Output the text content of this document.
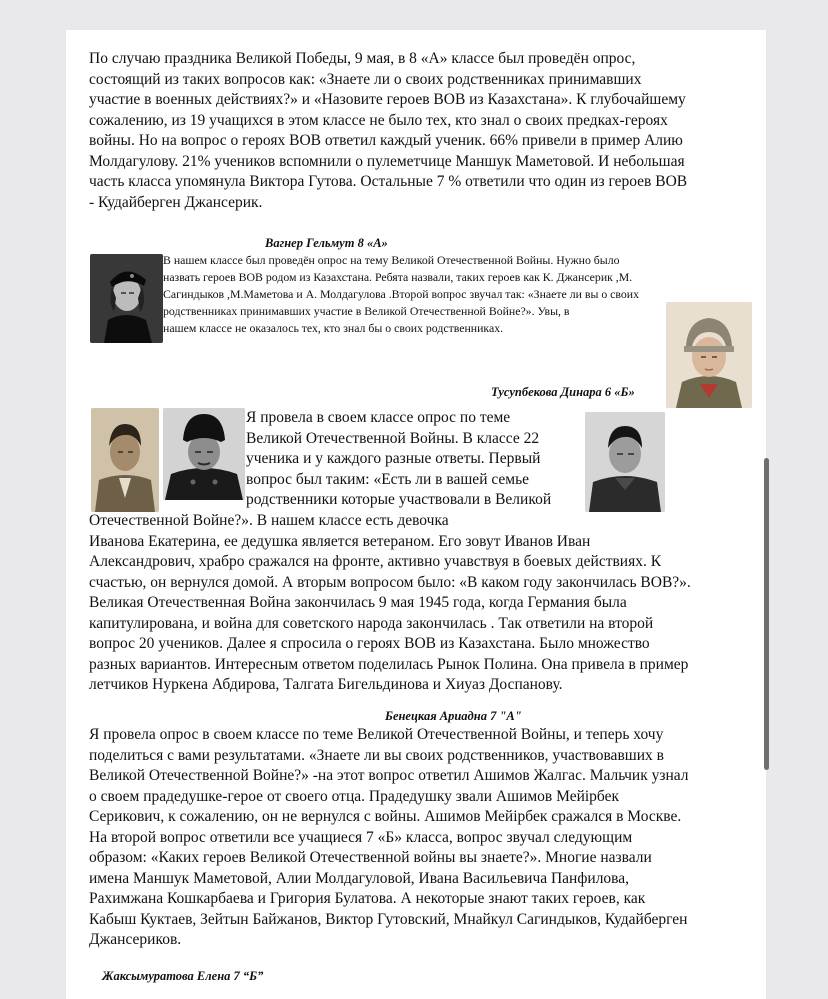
По случаю праздника Великой Победы, 9 мая, в 8 «А» классе был проведён опрос,
состоящий из таких вопросов как: «Знаете ли о своих родственниках принимавших
участие в военных действиях?» и «Назовите героев ВОВ из Казахстана». К глубочайшему
сожалению, из 19 учащихся в этом классе не было тех, кто знал о своих предках-героях
войны. Но на вопрос о героях ВОВ ответил каждый ученик. 66% привели в пример Алию
Молдагулову. 21% учеников вспомнили о пулеметчице Маншук Маметовой. И небольшая
часть класса упомянула Виктора Гутова. Остальные 7 % ответили что один из героев ВОВ
- Кудайберген Джансерик.

Вагнер Гельмут 8 «А»

В нашем классе был проведён опрос на тему Великой Отечественной Войны. Нужно было
назвать героев ВОВ родом из Казахстана. Ребята назвали, таких героев как К. Джансерик ,М.
Сагиндыков ,М.Маметова и А. Молдагулова .Второй вопрос звучал так: «Знаете ли вы о своих
родственниках принимавших участие в Великой Отечественной Войне?». Увы, в
нашем классе не оказалось тех, кто знал бы о своих родственниках.

Тусупбекова Динара 6 «Б»

Я провела в своем классе опрос по теме
Великой Отечественной Войны. В классе 22
ученика и у каждого разные ответы. Первый
вопрос был таким: «Есть ли в вашей семье
родственники которые участвовали в Великой

Отечественной Войне?». В нашем классе есть девочка
Иванова Екатерина, ее дедушка является ветераном. Его зовут Иванов Иван
Александрович, храбро сражался на фронте, активно учавствуя в боевых действиях. К
счастью, он вернулся домой. А вторым вопросом было: «В каком году закончилась ВОВ?».
Великая Отечественная Война закончилась 9 мая 1945 года, когда Германия была
капитулирована, и война для советского народа закончилась . Так ответили на второй
вопрос 20 учеников. Далее я спросила о героях ВОВ из Казахстана. Было множество
разных вариантов. Интересным ответом поделилась Рынок Полина. Она привела в пример
летчиков Нуркена Абдирова, Талгата Бигельдинова и Хиуаз Доспанову.

Бенецкая Ариадна 7 "А"

Я провела опрос в своем классе по теме Великой Отечественной Войны, и теперь хочу
поделиться с вами результатами. «Знаете ли вы своих родственников, участвовавших в
Великой Отечественной Войне?» -на этот вопрос ответил Ашимов Жалгас. Мальчик узнал
о своем прадедушке-герое от своего отца. Прадедушку звали Ашимов Мейірбек
Серикович, к сожалению, он не вернулся с войны. Ашимов Мейірбек сражался в Москве.
На второй вопрос ответили все учащиеся 7 «Б» класса, вопрос звучал следующим
образом: «Каких героев Великой Отечественной войны вы знаете?». Многие назвали
имена Маншук Маметовой, Алии Молдагуловой, Ивана Васильевича Панфилова,
Рахимжана Кошкарбаева и Григория Булатова. А некоторые знают таких героев, как
Кабыш Куктаев, Зейтын Байжанов, Виктор Гутовский, Мнайкул Сагиндыков, Кудайберген
Джансериков.

Жаксымуратова Елена 7 “Б”
